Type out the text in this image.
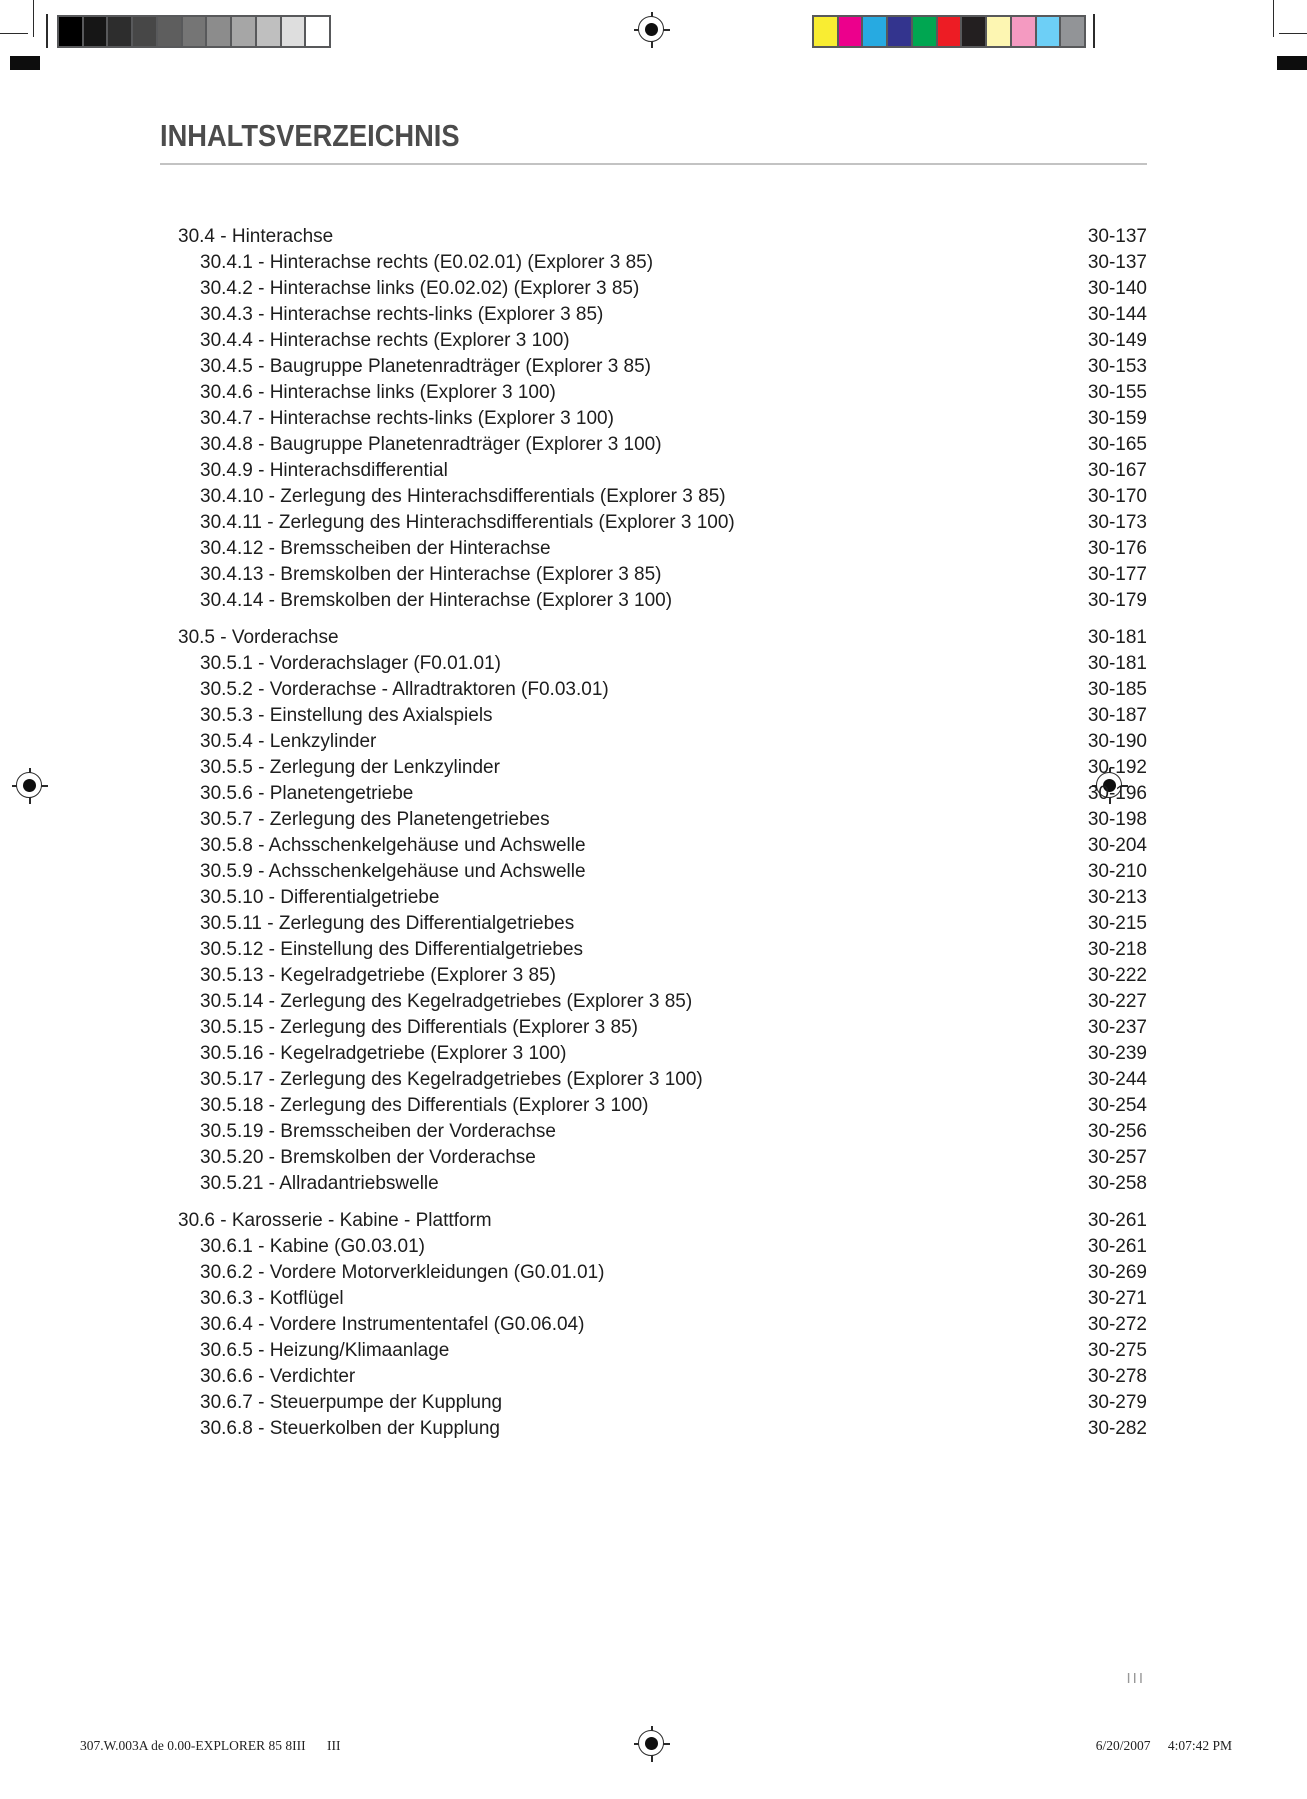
INHALTSVERZEICHNIS
30.4 - Hinterachse	30-137
30.4.1 - Hinterachse rechts (E0.02.01) (Explorer 3 85)	30-137
30.4.2 - Hinterachse links (E0.02.02) (Explorer 3 85)	30-140
30.4.3 - Hinterachse rechts-links (Explorer 3 85)	30-144
30.4.4 - Hinterachse rechts (Explorer 3 100)	30-149
30.4.5 - Baugruppe Planetenradträger (Explorer 3 85)	30-153
30.4.6 - Hinterachse links (Explorer 3 100)	30-155
30.4.7 - Hinterachse rechts-links (Explorer 3 100)	30-159
30.4.8 - Baugruppe Planetenradträger (Explorer 3 100)	30-165
30.4.9 - Hinterachsdifferential	30-167
30.4.10 - Zerlegung des Hinterachsdifferentials (Explorer 3 85)	30-170
30.4.11 - Zerlegung des Hinterachsdifferentials (Explorer 3 100)	30-173
30.4.12 - Bremsscheiben der Hinterachse	30-176
30.4.13 - Bremskolben der Hinterachse (Explorer 3 85)	30-177
30.4.14 - Bremskolben der Hinterachse (Explorer 3 100)	30-179
30.5 - Vorderachse	30-181
30.5.1 - Vorderachslager (F0.01.01)	30-181
30.5.2 - Vorderachse - Allradtraktoren (F0.03.01)	30-185
30.5.3 - Einstellung des Axialspiels	30-187
30.5.4 - Lenkzylinder	30-190
30.5.5 - Zerlegung der Lenkzylinder	30-192
30.5.6 - Planetengetriebe	30-196
30.5.7 - Zerlegung des Planetengetriebes	30-198
30.5.8 - Achsschenkelgehäuse und Achswelle	30-204
30.5.9 - Achsschenkelgehäuse und Achswelle	30-210
30.5.10 - Differentialgetriebe	30-213
30.5.11 - Zerlegung des Differentialgetriebes	30-215
30.5.12 - Einstellung des Differentialgetriebes	30-218
30.5.13 - Kegelradgetriebe (Explorer 3 85)	30-222
30.5.14 - Zerlegung des Kegelradgetriebes (Explorer 3 85)	30-227
30.5.15 - Zerlegung des Differentials (Explorer 3 85)	30-237
30.5.16 - Kegelradgetriebe (Explorer 3 100)	30-239
30.5.17 - Zerlegung des Kegelradgetriebes (Explorer 3 100)	30-244
30.5.18 - Zerlegung des Differentials (Explorer 3 100)	30-254
30.5.19 - Bremsscheiben der Vorderachse	30-256
30.5.20 - Bremskolben der Vorderachse	30-257
30.5.21 - Allradantriebswelle	30-258
30.6 - Karosserie - Kabine - Plattform	30-261
30.6.1 - Kabine (G0.03.01)	30-261
30.6.2 - Vordere Motorverkleidungen (G0.01.01)	30-269
30.6.3 - Kotflügel	30-271
30.6.4 - Vordere Instrumententafel (G0.06.04)	30-272
30.6.5 - Heizung/Klimaanlage	30-275
30.6.6 - Verdichter	30-278
30.6.7 - Steuerpumpe der Kupplung	30-279
30.6.8 - Steuerkolben der Kupplung	30-282
III
307.W.003A de 0.00-EXPLORER 85 8III III	6/20/2007 4:07:42 PM
